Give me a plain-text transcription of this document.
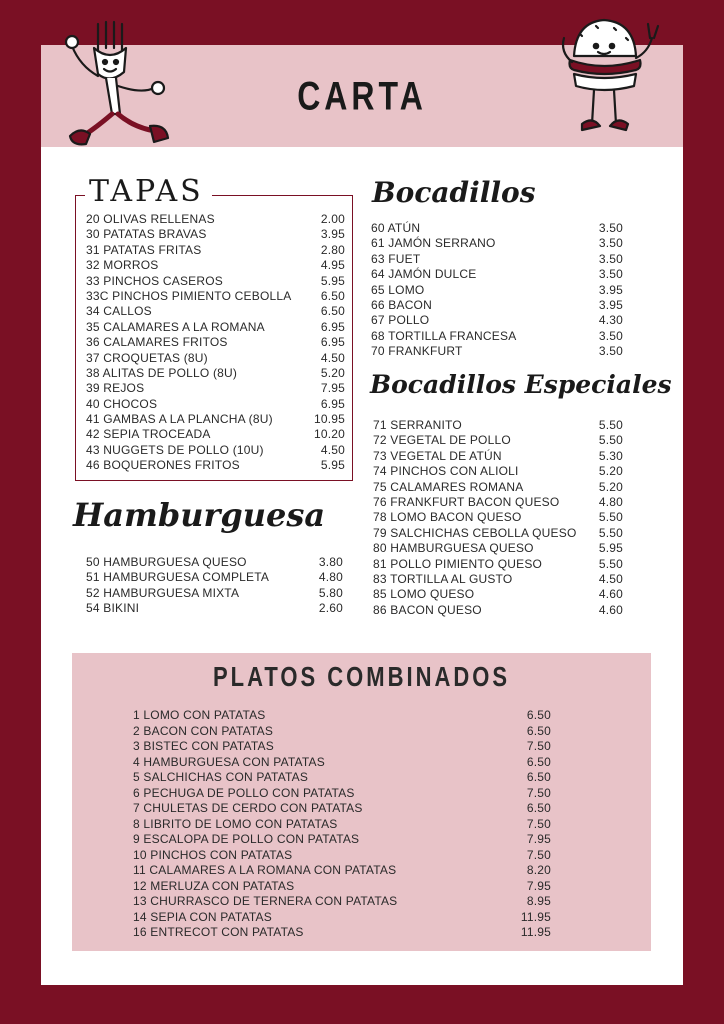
CARTA
TAPAS
20 OLIVAS RELLENAS	2.00
30 PATATAS BRAVAS	3.95
31 PATATAS FRITAS	2.80
32 MORROS	4.95
33 PINCHOS CASEROS	5.95
33C PINCHOS PIMIENTO CEBOLLA 6.50
34 CALLOS	6.50
35 CALAMARES A LA ROMANA	6.95
36 CALAMARES FRITOS	6.95
37 CROQUETAS (8U)	4.50
38 ALITAS DE POLLO (8U)	5.20
39 REJOS	7.95
40 CHOCOS	6.95
41 GAMBAS A LA PLANCHA (8U)	10.95
42 SEPIA TROCEADA	10.20
43 NUGGETS DE POLLO (10U)	4.50
46 BOQUERONES FRITOS	5.95
Hamburguesa
50 HAMBURGUESA QUESO	3.80
51 HAMBURGUESA COMPLETA	4.80
52 HAMBURGUESA MIXTA	5.80
54 BIKINI	2.60
Bocadillos
60 ATÚN	3.50
61 JAMÓN SERRANO	3.50
63 FUET	3.50
64 JAMÓN DULCE	3.50
65 LOMO	3.95
66 BACON	3.95
67 POLLO	4.30
68 TORTILLA FRANCESA	3.50
70 FRANKFURT	3.50
Bocadillos Especiales
71 SERRANITO	5.50
72 VEGETAL DE POLLO	5.50
73 VEGETAL DE ATÚN	5.30
74 PINCHOS CON ALIOLI	5.20
75 CALAMARES ROMANA	5.20
76 FRANKFURT BACON QUESO	4.80
78 LOMO BACON QUESO	5.50
79 SALCHICHAS CEBOLLA QUESO 5.50
80 HAMBURGUESA QUESO	5.95
81 POLLO PIMIENTO QUESO	5.50
83 TORTILLA AL GUSTO	4.50
85 LOMO QUESO	4.60
86 BACON QUESO	4.60
PLATOS COMBINADOS
1 LOMO CON PATATAS	6.50
2 BACON CON PATATAS	6.50
3 BISTEC CON PATATAS	7.50
4 HAMBURGUESA CON PATATAS	6.50
5 SALCHICHAS CON PATATAS	6.50
6 PECHUGA DE POLLO CON PATATAS	7.50
7 CHULETAS DE CERDO CON PATATAS	6.50
8 LIBRITO DE LOMO CON PATATAS	7.50
9 ESCALOPA DE POLLO CON PATATAS	7.95
10 PINCHOS CON PATATAS	7.50
11 CALAMARES A LA ROMANA CON PATATAS	8.20
12 MERLUZA CON PATATAS	7.95
13 CHURRASCO DE TERNERA CON PATATAS	8.95
14 SEPIA CON PATATAS	11.95
16 ENTRECOT CON PATATAS	11.95
